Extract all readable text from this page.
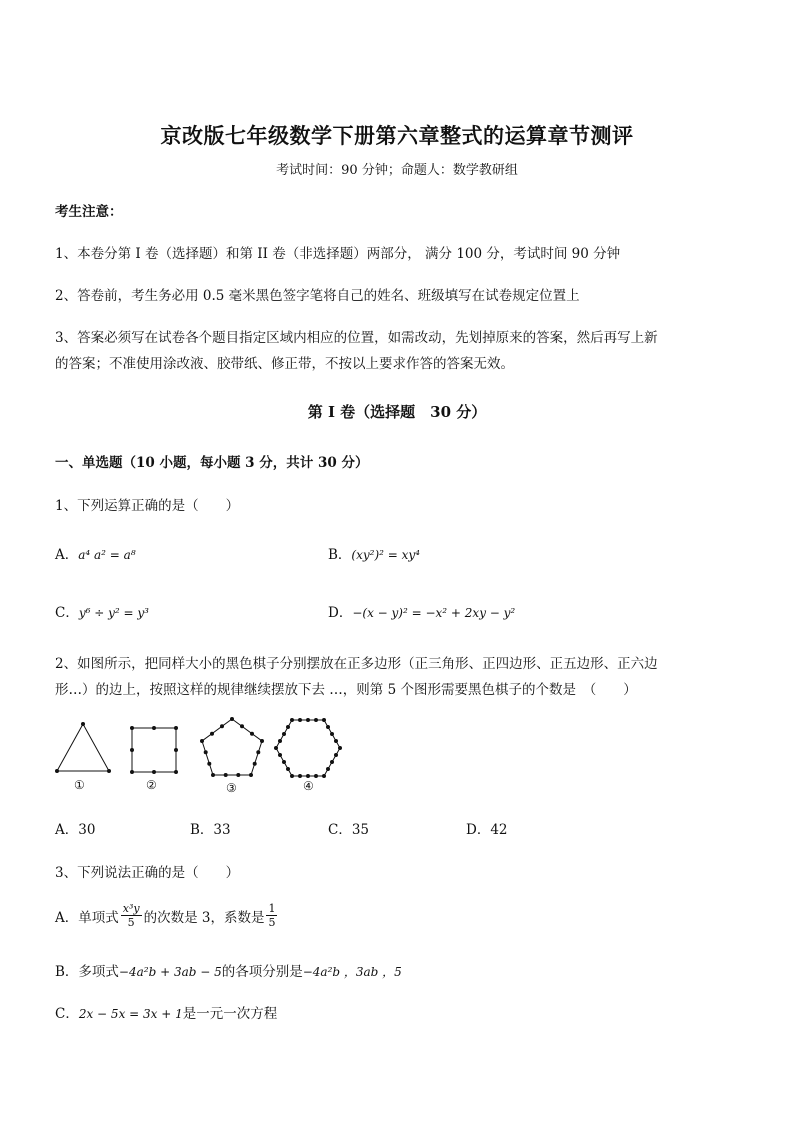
京改版七年级数学下册第六章整式的运算章节测评
考试时间：90 分钟；命题人：数学教研组
考生注意：
1、本卷分第 I 卷（选择题）和第 II 卷（非选择题）两部分， 满分 100 分，考试时间 90 分钟
2、答卷前，考生务必用 0.5 毫米黑色签字笔将自己的姓名、班级填写在试卷规定位置上
3、答案必须写在试卷各个题目指定区域内相应的位置，如需改动，先划掉原来的答案，然后再写上新
的答案；不准使用涂改液、胶带纸、修正带，不按以上要求作答的答案无效。
第 I 卷（选择题　30 分）
一、单选题（10 小题，每小题 3 分，共计 30 分）
1、下列运算正确的是（　　）
A．a⁴ a² = a⁸	B．(xy²)² = xy⁴
C．y⁶ ÷ y² = y³	D．−(x − y)² = −x² + 2xy − y²
2、如图所示，把同样大小的黑色棋子分别摆放在正多边形（正三角形、正四边形、正五边形、正六边
形…）的边上，按照这样的规律继续摆放下去 …，则第 5 个图形需要黑色棋子的个数是　（　　）
①	②	③	④
A．30	B．33	C．35	D．42
3、下列说法正确的是（　　）
A．单项式 $\frac{\text{x³y}}{5}$ 的次数是 3，系数是 $\frac{1}{5}$
B．多项式−4a²b + 3ab − 5的各项分别是−4a²b ，3ab ，5
C．2x − 5x = 3x + 1是一元一次方程
